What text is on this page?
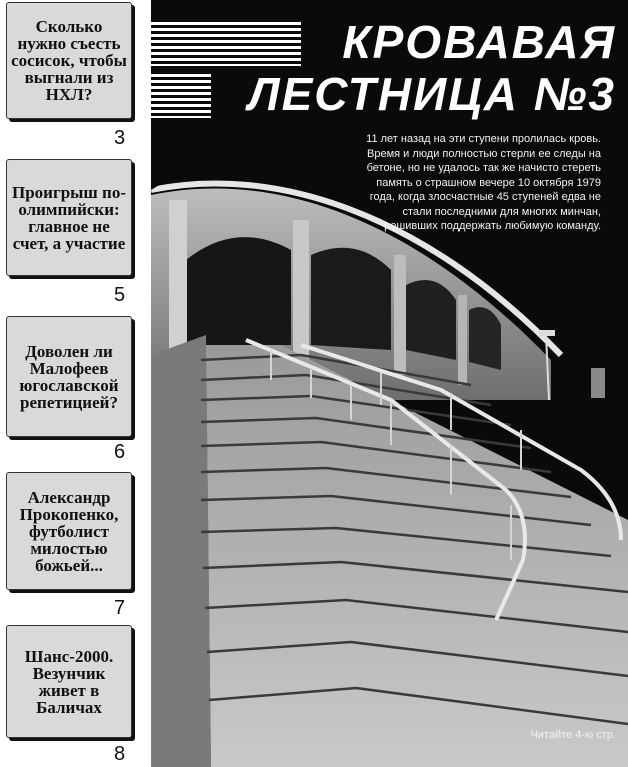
Сколько нужно съесть сосисок, чтобы выгнали из НХЛ?
3
Проигрыш по-олимпийски: главное не счет, а участие
5
Доволен ли Малофеев югославской репетицией?
6
Александр Прокопенко, футболист милостью божьей...
7
Шанс-2000. Везунчик живет в Баличах
8
КРОВАВАЯ
ЛЕСТНИЦА №3
11 лет назад на эти ступени пролилась кровь. Время и люди полностью стерли ее следы на бетоне, но не удалось так же начисто стереть память о страшном вечере 10 октября 1979 года, когда злосчастные 45 ступеней едва не стали последними для многих минчан, решивших поддержать любимую команду.
Читайте 4-ю стр.
